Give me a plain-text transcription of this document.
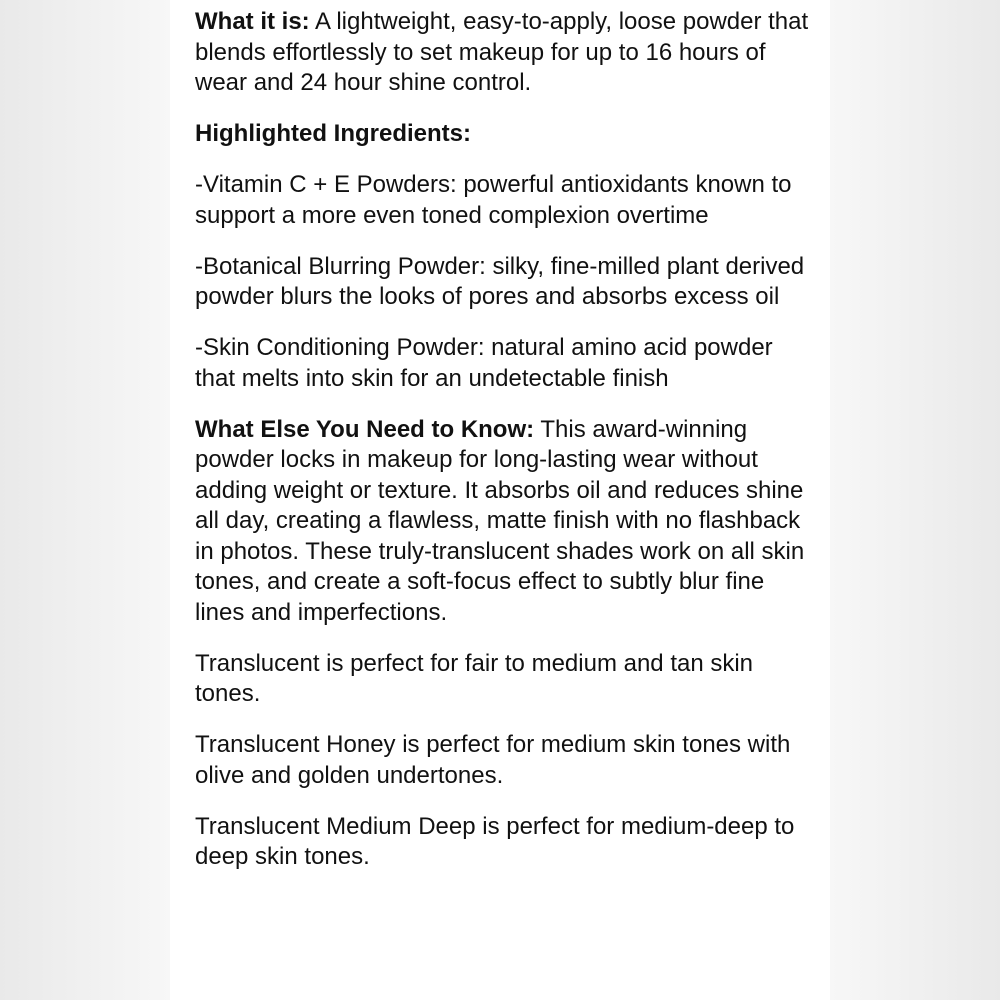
What it is: A lightweight, easy-to-apply, loose powder that blends effortlessly to set makeup for up to 16 hours of wear and 24 hour shine control.

Highlighted Ingredients:

-Vitamin C + E Powders: powerful antioxidants known to support a more even toned complexion overtime

-Botanical Blurring Powder: silky, fine-milled plant derived powder blurs the looks of pores and absorbs excess oil

-Skin Conditioning Powder: natural amino acid powder that melts into skin for an undetectable finish

What Else You Need to Know: This award-winning powder locks in makeup for long-lasting wear without adding weight or texture. It absorbs oil and reduces shine all day, creating a flawless, matte finish with no flashback in photos. These truly-translucent shades work on all skin tones, and create a soft-focus effect to subtly blur fine lines and imperfections.

Translucent is perfect for fair to medium and tan skin tones.

Translucent Honey is perfect for medium skin tones with olive and golden undertones.

Translucent Medium Deep is perfect for medium-deep to deep skin tones.
